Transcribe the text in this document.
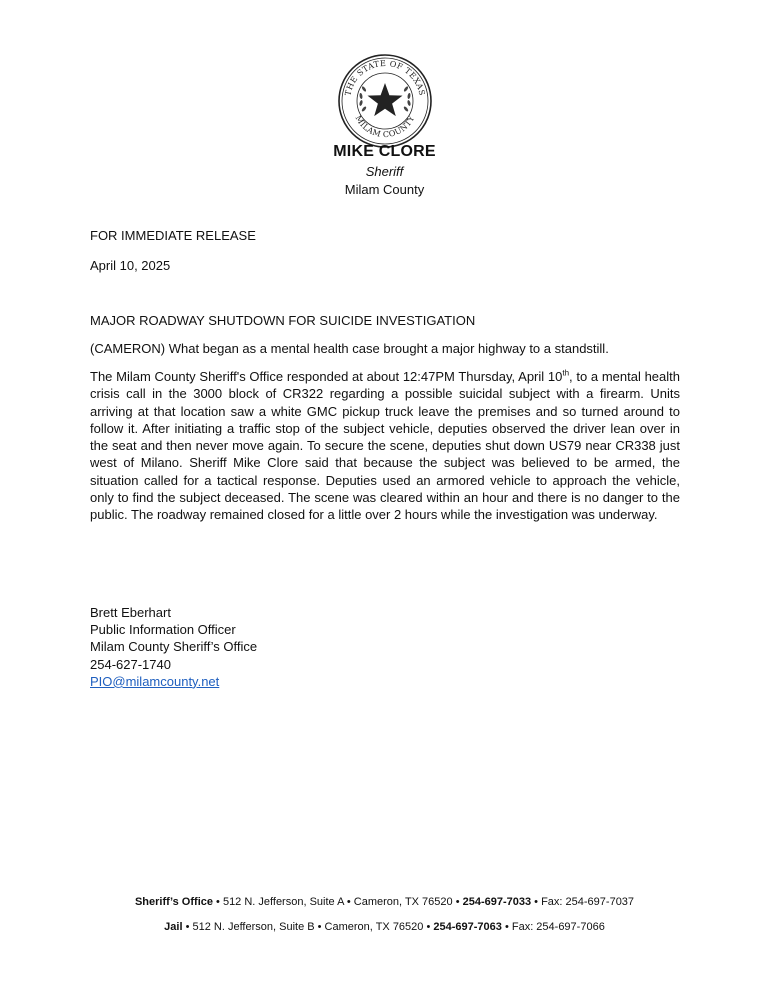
THE STATE OF TEXAS
MILAM COUNTY
MIKE CLORE
Sheriff
Milam County
FOR IMMEDIATE RELEASE
April 10, 2025
MAJOR ROADWAY SHUTDOWN FOR SUICIDE INVESTIGATION
(CAMERON) What began as a mental health case brought a major highway to a standstill.

The Milam County Sheriff's Office responded at about 12:47PM Thursday, April 10th, to a mental health crisis call in the 3000 block of CR322 regarding a possible suicidal subject with a firearm. Units arriving at that location saw a white GMC pickup truck leave the premises and so turned around to follow it. After initiating a traffic stop of the subject vehicle, deputies observed the driver lean over in the seat and then never move again. To secure the scene, deputies shut down US79 near CR338 just west of Milano. Sheriff Mike Clore said that because the subject was believed to be armed, the situation called for a tactical response. Deputies used an armored vehicle to approach the vehicle, only to find the subject deceased. The scene was cleared within an hour and there is no danger to the public. The roadway remained closed for a little over 2 hours while the investigation was underway.

Brett Eberhart
Public Information Officer
Milam County Sheriff’s Office
254-627-1740
PIO@milamcounty.net
Sheriff’s Office • 512 N. Jefferson, Suite A • Cameron, TX 76520 • 254-697-7033 • Fax: 254-697-7037
Jail • 512 N. Jefferson, Suite B • Cameron, TX 76520 • 254-697-7063 • Fax: 254-697-7066
